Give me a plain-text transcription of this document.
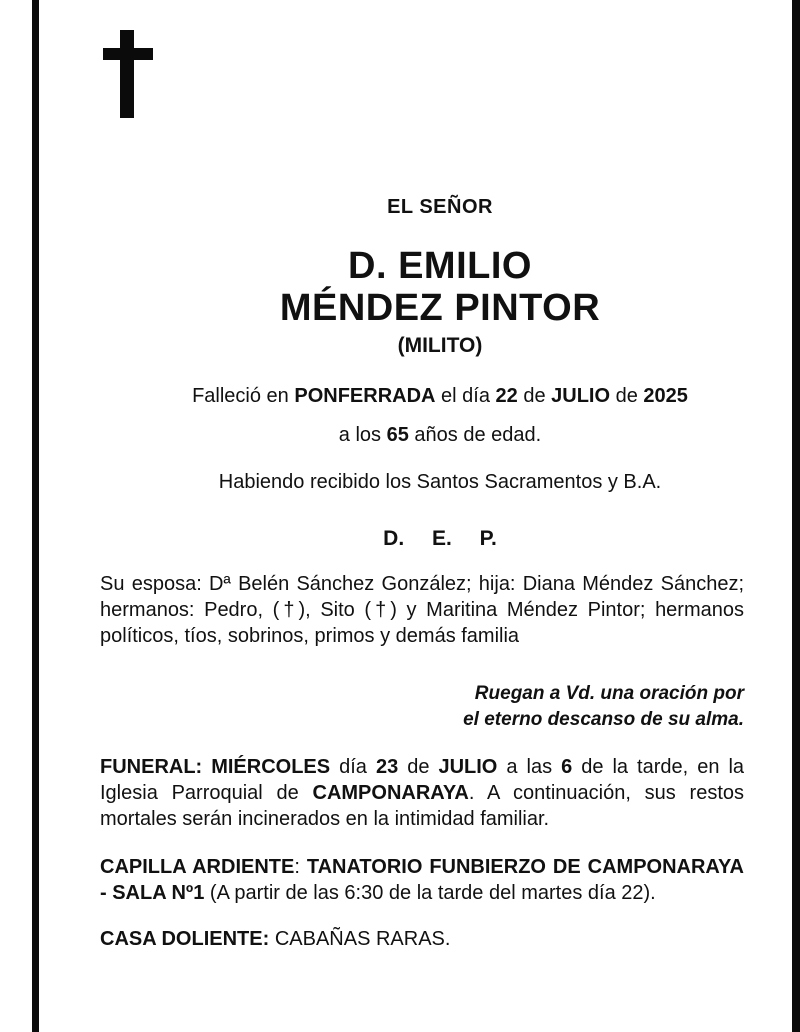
EL SEÑOR
D. EMILIO
MÉNDEZ PINTOR
(MILITO)
Falleció en PONFERRADA el día 22 de JULIO de 2025
a los 65 años de edad.
Habiendo recibido los Santos Sacramentos y B.A.
D. E. P.
Su esposa: Dª Belén Sánchez González; hija: Diana Méndez Sánchez; hermanos: Pedro, (†), Sito (†) y Maritina Méndez Pintor; hermanos políticos, tíos, sobrinos, primos y demás familia
Ruegan a Vd. una oración por
el eterno descanso de su alma.
FUNERAL: MIÉRCOLES día 23 de JULIO a las 6 de la tarde, en la Iglesia Parroquial de CAMPONARAYA. A continuación, sus restos mortales serán incinerados en la intimidad familiar.
CAPILLA ARDIENTE: TANATORIO FUNBIERZO DE CAMPONARAYA - SALA Nº1 (A partir de las 6:30 de la tarde del martes día 22).
CASA DOLIENTE: CABAÑAS RARAS.
